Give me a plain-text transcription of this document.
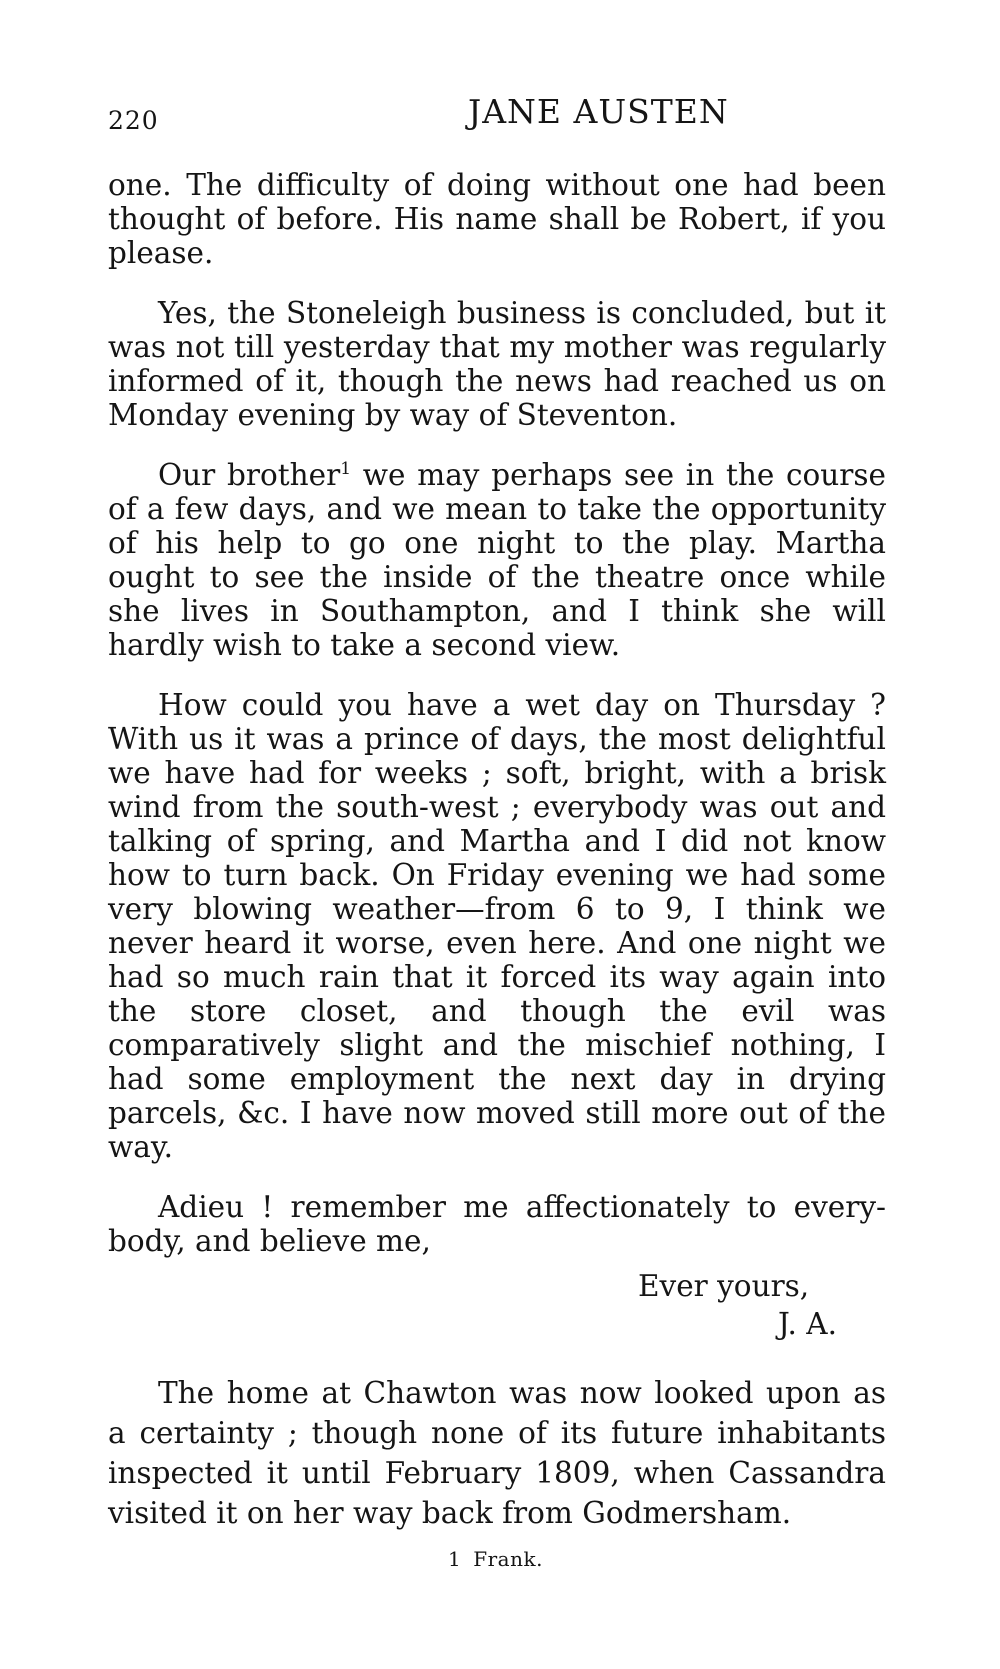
220	JANE AUSTEN

one. The difficulty of doing without one had been thought of before. His name shall be Robert, if you please.

Yes, the Stoneleigh business is concluded, but it was not till yesterday that my mother was regularly informed of it, though the news had reached us on Monday evening by way of Steventon.

Our brother$^1$ we may perhaps see in the course of a few days, and we mean to take the opportunity of his help to go one night to the play. Martha ought to see the inside of the theatre once while she lives in Southampton, and I think she will hardly wish to take a second view.

How could you have a wet day on Thursday ? With us it was a prince of days, the most delightful we have had for weeks ; soft, bright, with a brisk wind from the south-west ; everybody was out and talking of spring, and Martha and I did not know how to turn back. On Friday evening we had some very blowing weather—from 6 to 9, I think we never heard it worse, even here. And one night we had so much rain that it forced its way again into the store closet, and though the evil was comparatively slight and the mischief nothing, I had some employment the next day in drying parcels, &c. I have now moved still more out of the way.

Adieu ! remember me affectionately to everybody, and believe me,

Ever yours,
J. A.

The home at Chawton was now looked upon as a certainty ; though none of its future inhabitants inspected it until February 1809, when Cassandra visited it on her way back from Godmersham.

1 Frank.
